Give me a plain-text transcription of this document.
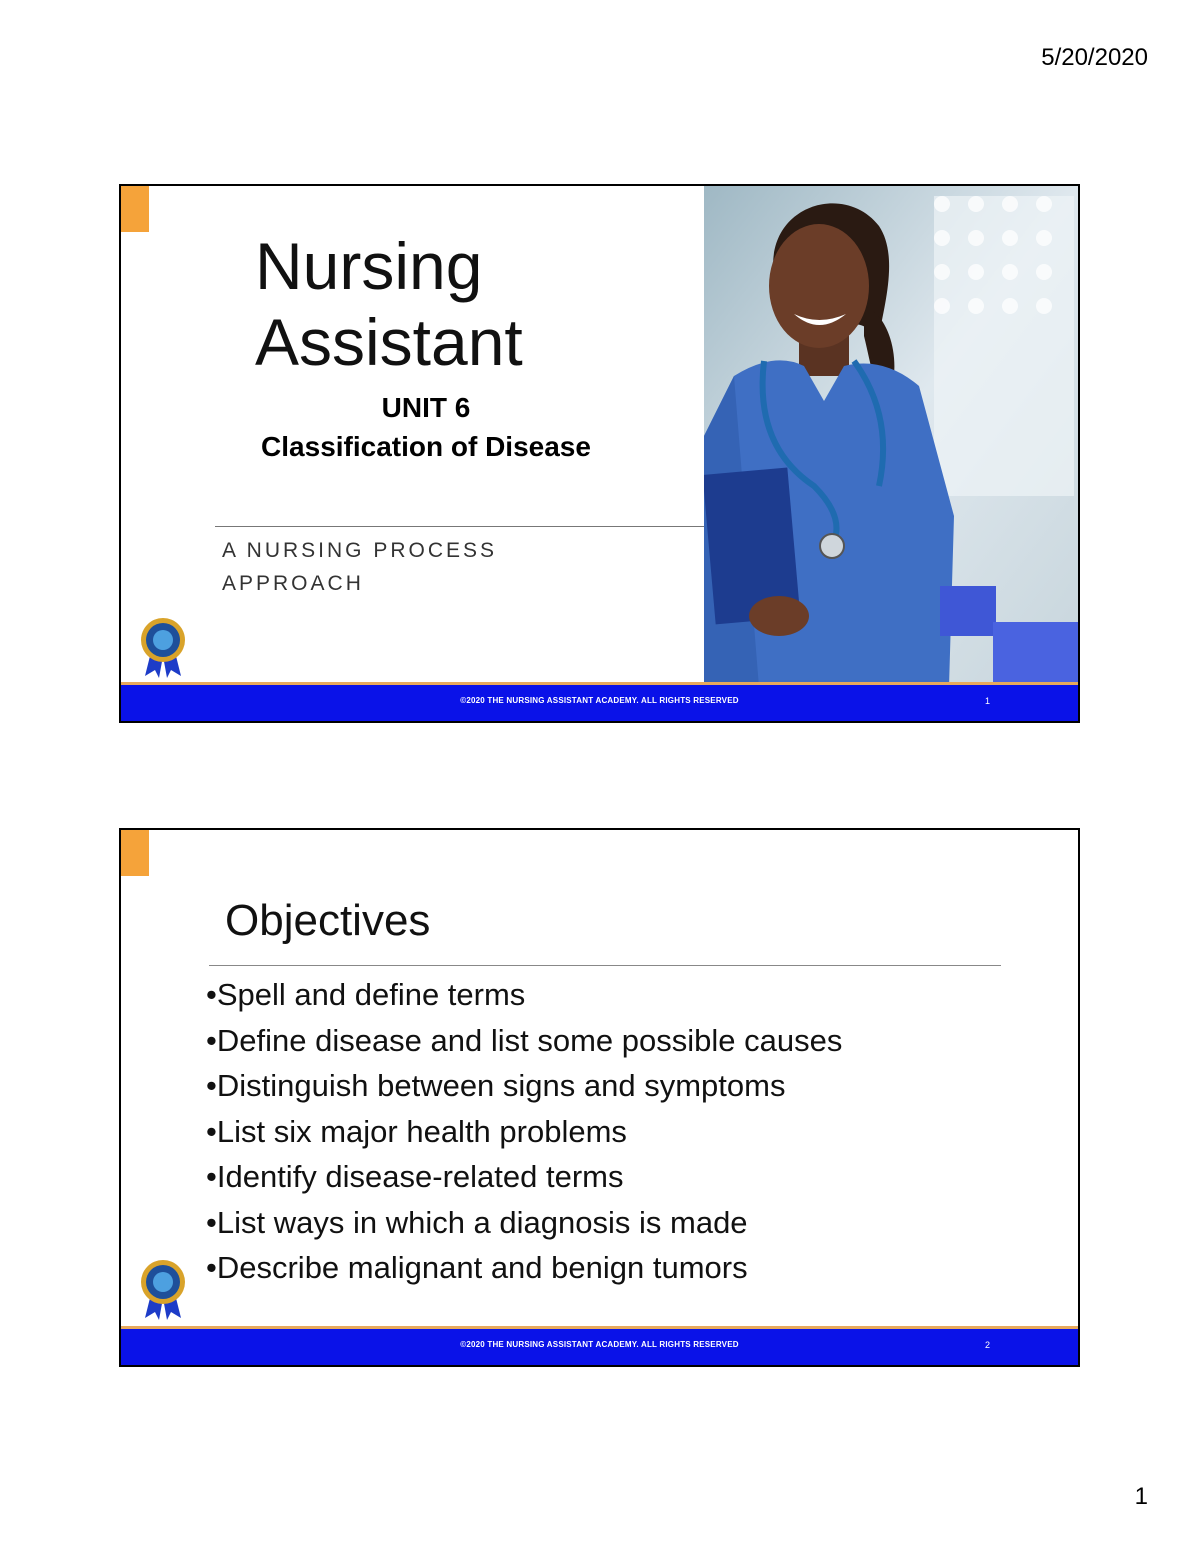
5/20/2020
Nursing
Assistant
UNIT 6
Classification of Disease
A NURSING PROCESS
APPROACH
©2020 THE NURSING ASSISTANT ACADEMY. ALL RIGHTS RESERVED	1
Objectives
•Spell and define terms
•Define disease and list some possible causes
•Distinguish between signs and symptoms
•List six major health problems
•Identify disease-related terms
•List ways in which a diagnosis is made
•Describe malignant and benign tumors
©2020 THE NURSING ASSISTANT ACADEMY. ALL RIGHTS RESERVED	2
1
